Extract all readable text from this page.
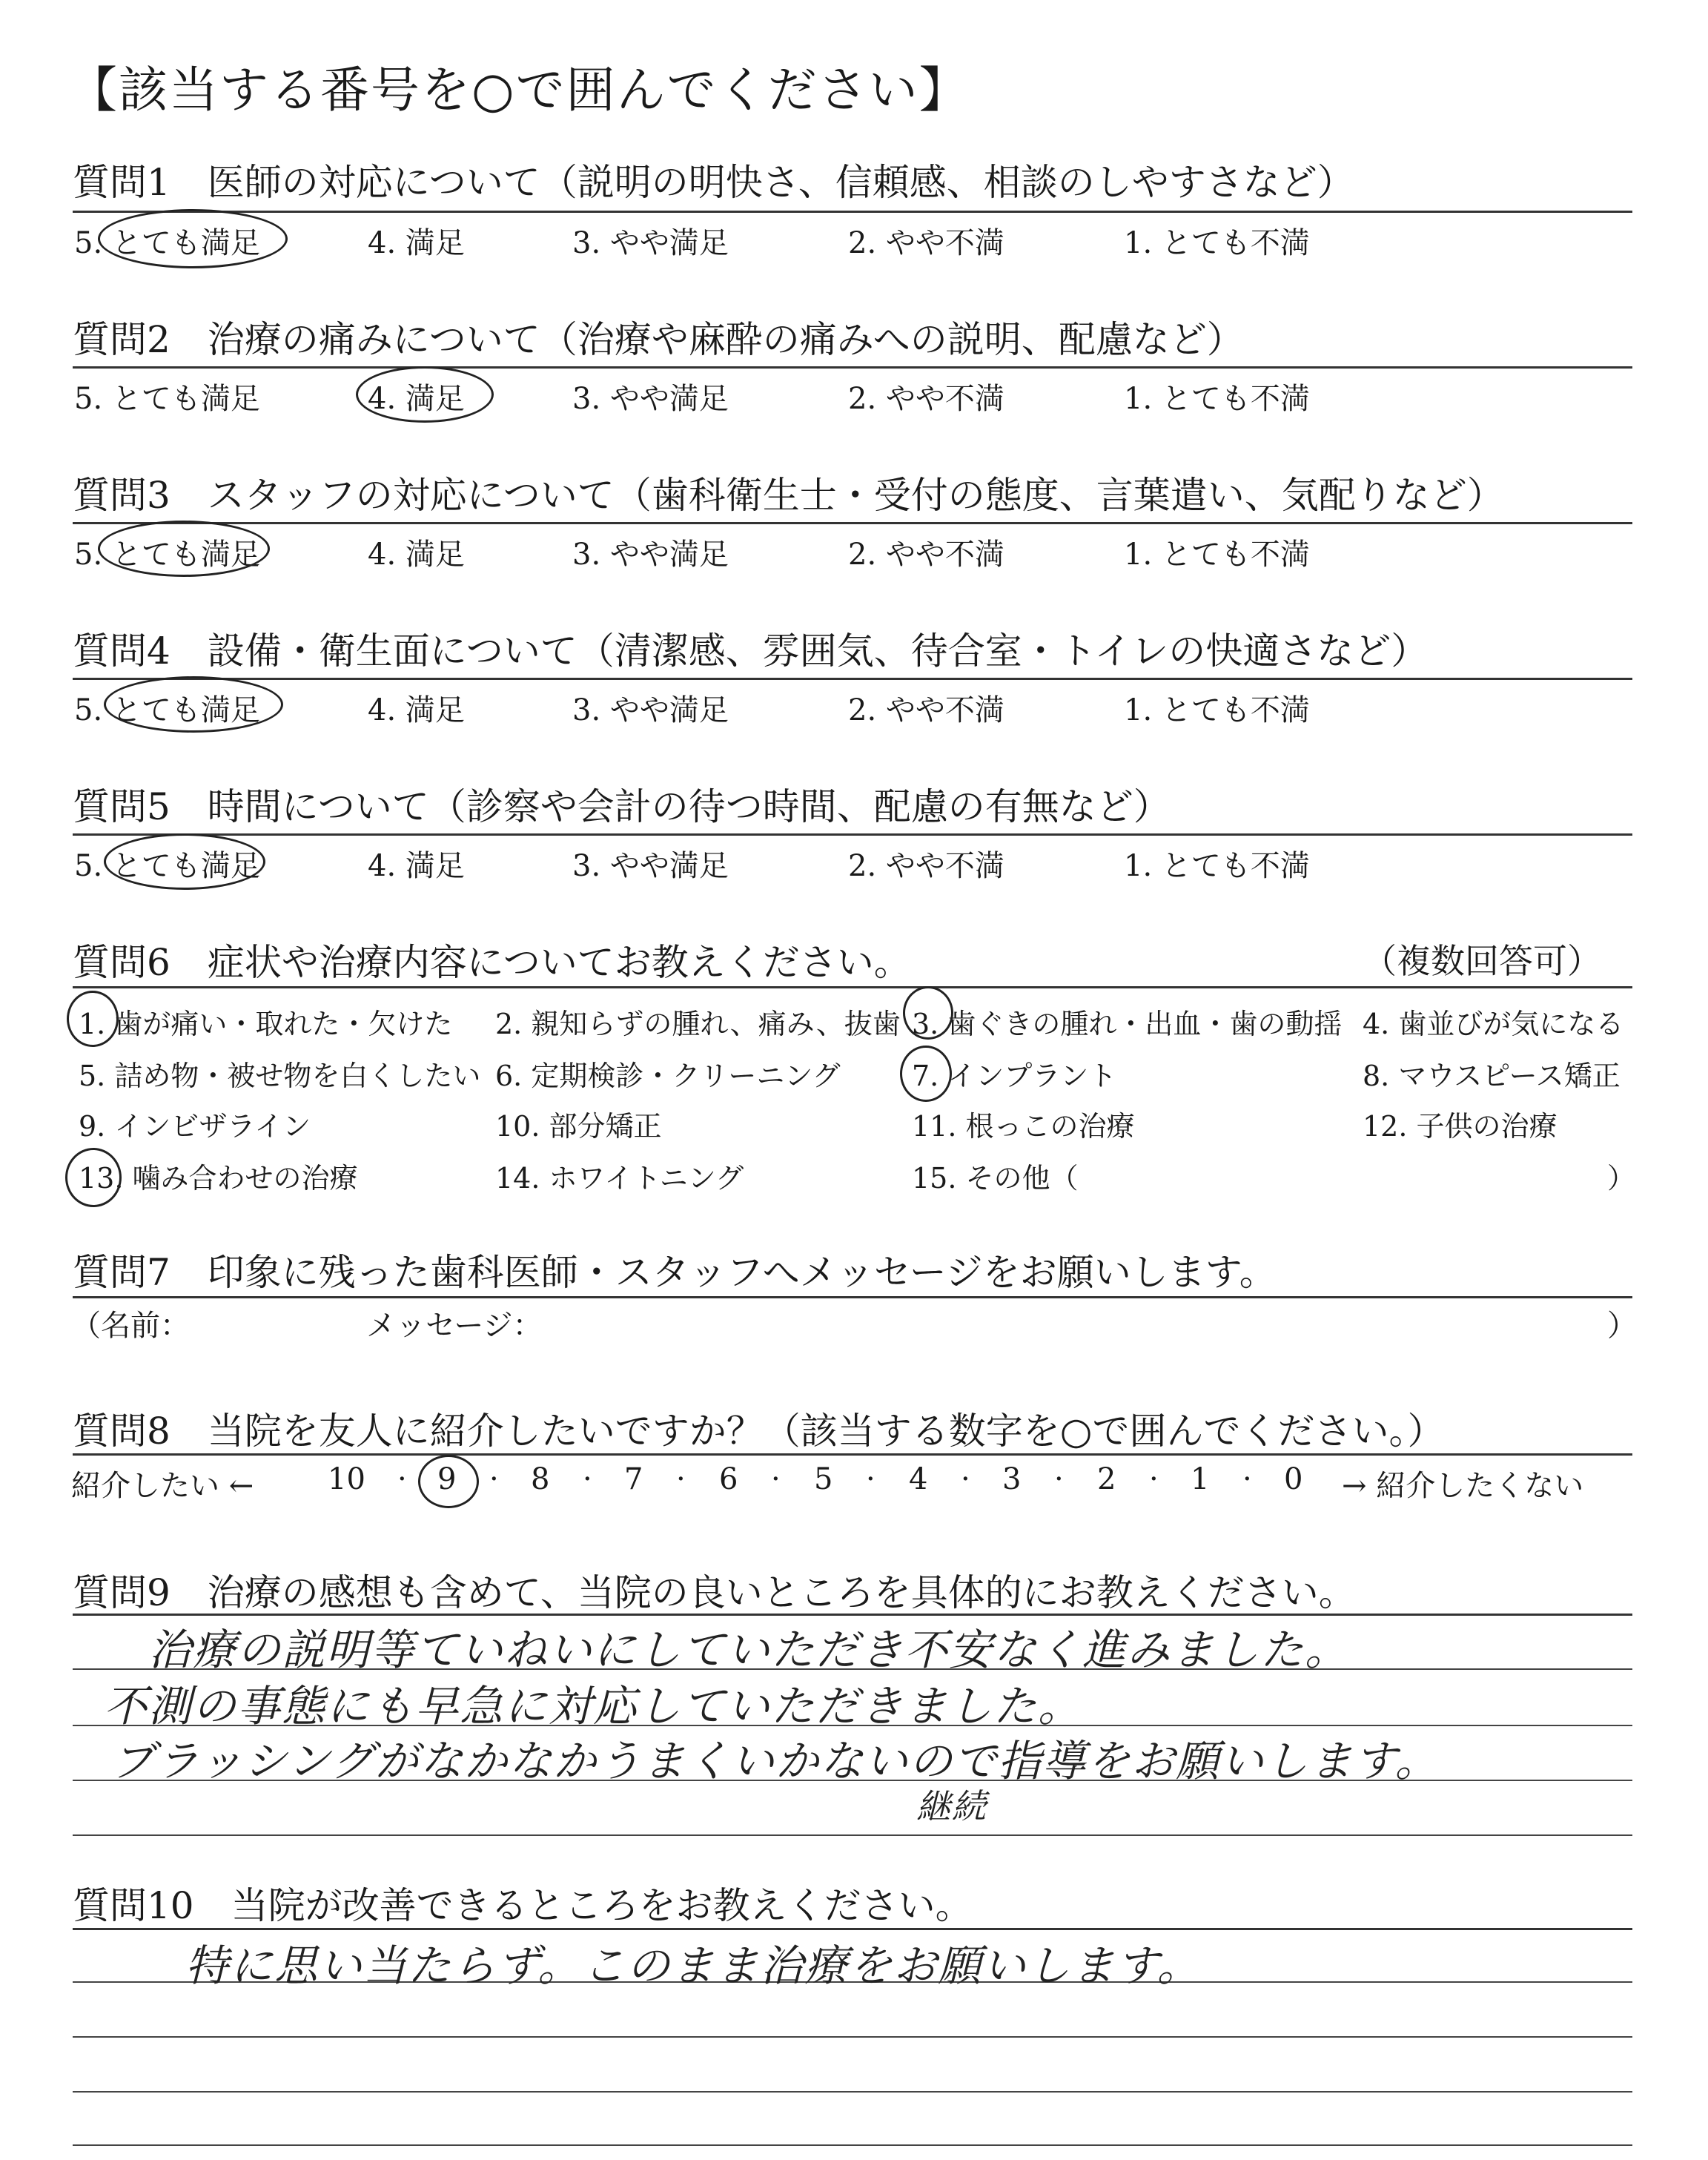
【該当する番号を○で囲んでください】
質問1　医師の対応について（説明の明快さ、信頼感、相談のしやすさなど）
5. とても満足	4. 満足	3. やや満足	2. やや不満	1. とても不満
質問2　治療の痛みについて（治療や麻酔の痛みへの説明、配慮など）
5. とても満足	4. 満足	3. やや満足	2. やや不満	1. とても不満
質問3　スタッフの対応について（歯科衛生士・受付の態度、言葉遣い、気配りなど）
5. とても満足	4. 満足	3. やや満足	2. やや不満	1. とても不満
質問4　設備・衛生面について（清潔感、雰囲気、待合室・トイレの快適さなど）
5. とても満足	4. 満足	3. やや満足	2. やや不満	1. とても不満
質問5　時間について（診察や会計の待つ時間、配慮の有無など）
5. とても満足	4. 満足	3. やや満足	2. やや不満	1. とても不満
質問6　症状や治療内容についてお教えください。	（複数回答可）
1. 歯が痛い・取れた・欠けた 2. 親知らずの腫れ、痛み、抜歯 3. 歯ぐきの腫れ・出血・歯の動揺 4. 歯並びが気になる
5. 詰め物・被せ物を白くしたい 6. 定期検診・クリーニング	7. インプラント	8. マウスピース矯正
9. インビザライン	10. 部分矯正	11. 根っこの治療	12. 子供の治療
13. 噛み合わせの治療	14. ホワイトニング	15. その他（	）
質問7　印象に残った歯科医師・スタッフへメッセージをお願いします。
（名前：	メッセージ：	）
質問8　当院を友人に紹介したいですか？（該当する数字を○で囲んでください。）
紹介したい ← 10 · 9 · 8 · 7 · 6 · 5 · 4 · 3 · 2 · 1 · 0 → 紹介したくない
質問9　治療の感想も含めて、当院の良いところを具体的にお教えください。
治療の説明等ていねいにしていただき不安なく進みました。
不測の事態にも早急に対応していただきました。
ブラッシングがなかなかうまくいかないので指導をお願いします。
継続
質問10　当院が改善できるところをお教えください。
特に思い当たらず。このまま治療をお願いします。
